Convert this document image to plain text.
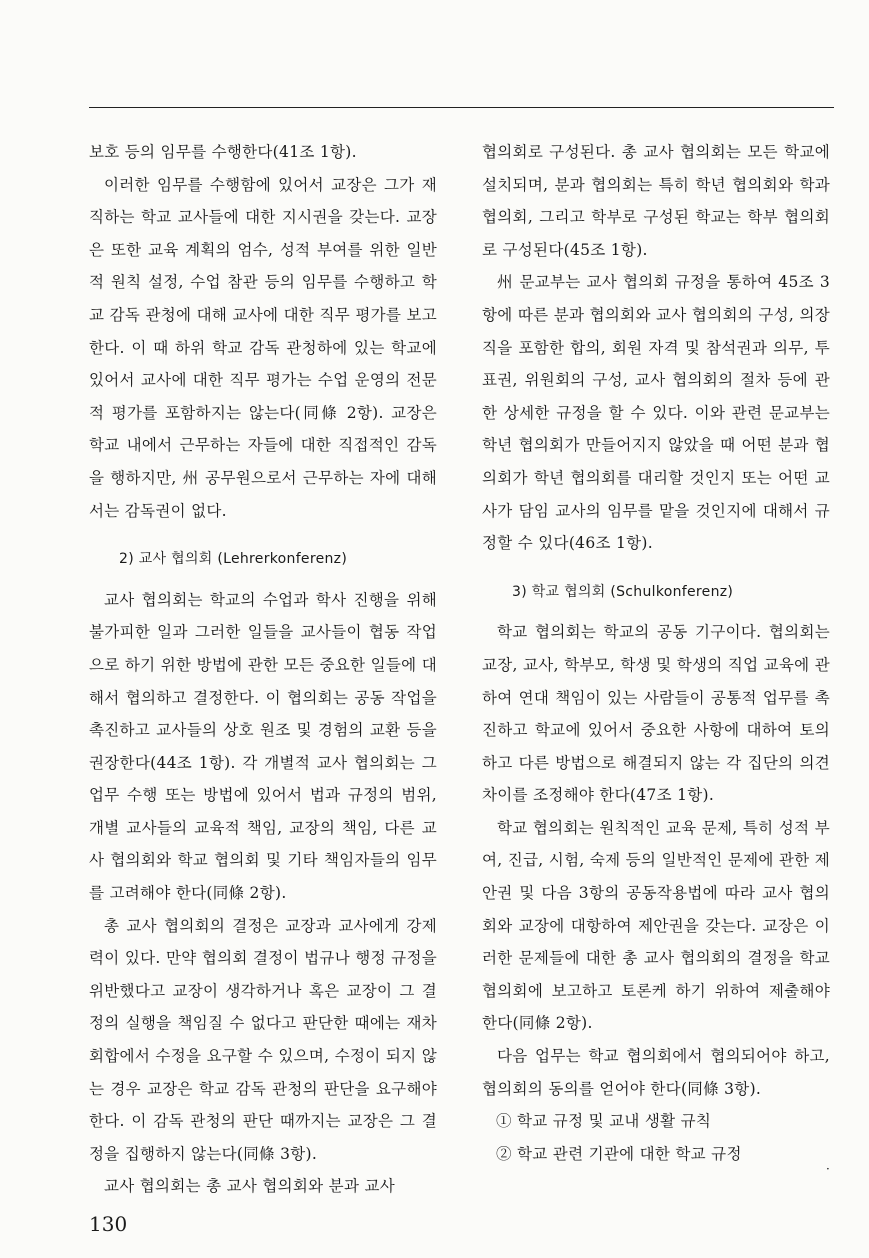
보호 등의 임무를 수행한다(41조 1항).

이러한 임무를 수행함에 있어서 교장은 그가 재직하는 학교 교사들에 대한 지시권을 갖는다. 교장은 또한 교육 계획의 엄수, 성적 부여를 위한 일반적 원칙 설정, 수업 참관 등의 임무를 수행하고 학교 감독 관청에 대해 교사에 대한 직무 평가를 보고한다. 이 때 하위 학교 감독 관청하에 있는 학교에 있어서 교사에 대한 직무 평가는 수업 운영의 전문적 평가를 포함하지는 않는다(同條 2항). 교장은 학교 내에서 근무하는 자들에 대한 직접적인 감독을 행하지만, 州 공무원으로서 근무하는 자에 대해서는 감독권이 없다.

2) 교사 협의회 (Lehrerkonferenz)

교사 협의회는 학교의 수업과 학사 진행을 위해 불가피한 일과 그러한 일들을 교사들이 협동 작업으로 하기 위한 방법에 관한 모든 중요한 일들에 대해서 협의하고 결정한다. 이 협의회는 공동 작업을 촉진하고 교사들의 상호 원조 및 경험의 교환 등을 권장한다(44조 1항). 각 개별적 교사 협의회는 그 업무 수행 또는 방법에 있어서 법과 규정의 범위, 개별 교사들의 교육적 책임, 교장의 책임, 다른 교사 협의회와 학교 협의회 및 기타 책임자들의 임무를 고려해야 한다(同條 2항).

총 교사 협의회의 결정은 교장과 교사에게 강제력이 있다. 만약 협의회 결정이 법규나 행정 규정을 위반했다고 교장이 생각하거나 혹은 교장이 그 결정의 실행을 책임질 수 없다고 판단한 때에는 재차 회합에서 수정을 요구할 수 있으며, 수정이 되지 않는 경우 교장은 학교 감독 관청의 판단을 요구해야 한다. 이 감독 관청의 판단 때까지는 교장은 그 결정을 집행하지 않는다(同條 3항).

교사 협의회는 총 교사 협의회와 분과 교사

협의회로 구성된다. 총 교사 협의회는 모든 학교에 설치되며, 분과 협의회는 특히 학년 협의회와 학과 협의회, 그리고 학부로 구성된 학교는 학부 협의회로 구성된다(45조 1항).

州 문교부는 교사 협의회 규정을 통하여 45조 3항에 따른 분과 협의회와 교사 협의회의 구성, 의장직을 포함한 합의, 회원 자격 및 참석권과 의무, 투표권, 위원회의 구성, 교사 협의회의 절차 등에 관한 상세한 규정을 할 수 있다. 이와 관련 문교부는 학년 협의회가 만들어지지 않았을 때 어떤 분과 협의회가 학년 협의회를 대리할 것인지 또는 어떤 교사가 담임 교사의 임무를 맡을 것인지에 대해서 규정할 수 있다(46조 1항).

3) 학교 협의회 (Schulkonferenz)

학교 협의회는 학교의 공동 기구이다. 협의회는 교장, 교사, 학부모, 학생 및 학생의 직업 교육에 관하여 연대 책임이 있는 사람들이 공통적 업무를 촉진하고 학교에 있어서 중요한 사항에 대하여 토의하고 다른 방법으로 해결되지 않는 각 집단의 의견 차이를 조정해야 한다(47조 1항).

학교 협의회는 원칙적인 교육 문제, 특히 성적 부여, 진급, 시험, 숙제 등의 일반적인 문제에 관한 제안권 및 다음 3항의 공동작용법에 따라 교사 협의회와 교장에 대항하여 제안권을 갖는다. 교장은 이러한 문제들에 대한 총 교사 협의회의 결정을 학교 협의회에 보고하고 토론케 하기 위하여 제출해야 한다(同條 2항).

다음 업무는 학교 협의회에서 협의되어야 하고, 협의회의 동의를 얻어야 한다(同條 3항).

① 학교 규정 및 교내 생활 규칙

② 학교 관련 기관에 대한 학교 규정

130
·
